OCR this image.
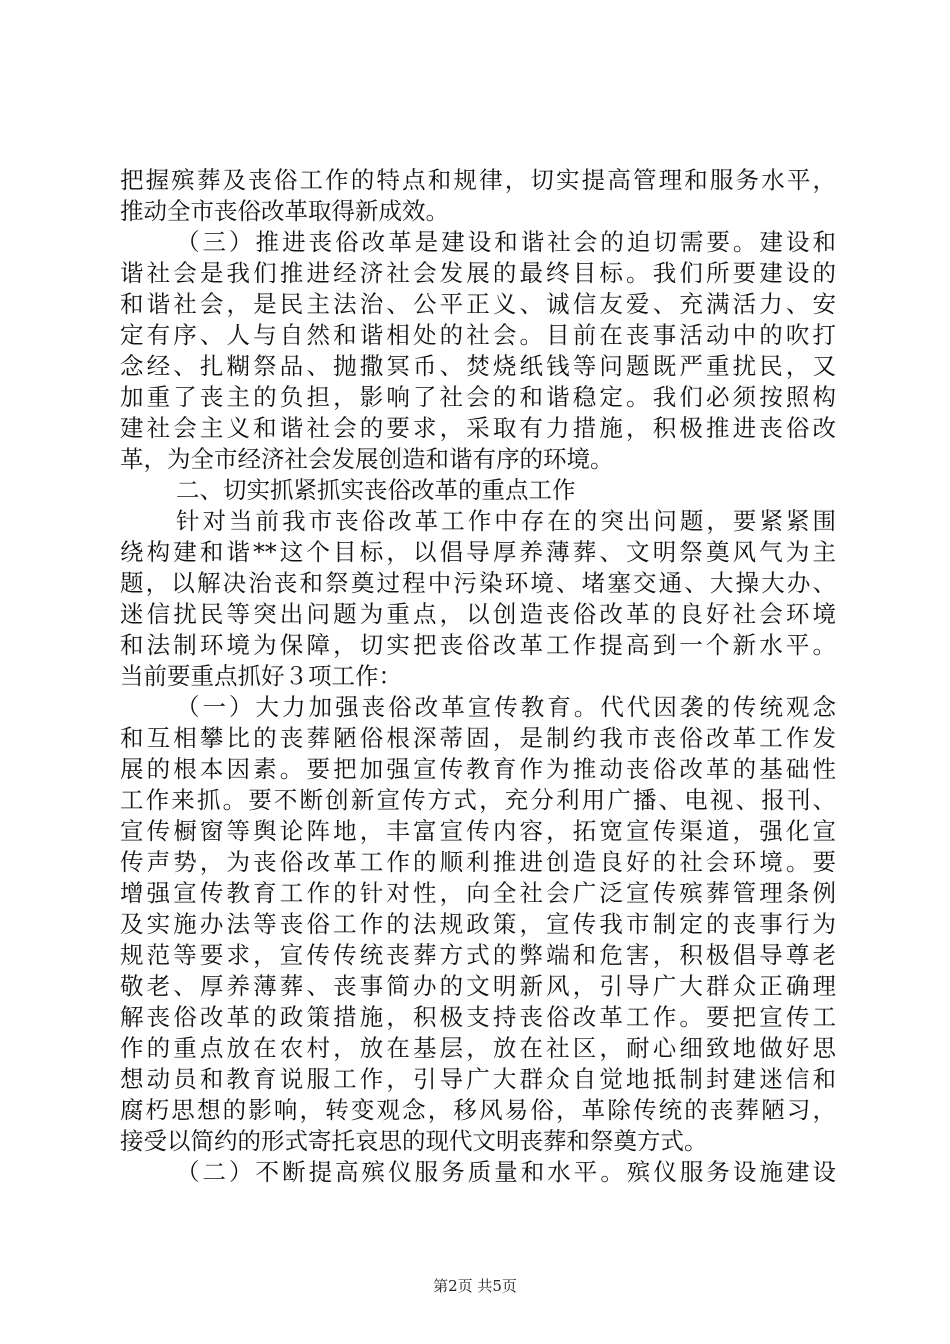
把握殡葬及丧俗工作的特点和规律，切实提高管理和服务水平，
推动全市丧俗改革取得新成效。
（三）推进丧俗改革是建设和谐社会的迫切需要。建设和
谐社会是我们推进经济社会发展的最终目标。我们所要建设的
和谐社会，是民主法治、公平正义、诚信友爱、充满活力、安
定有序、人与自然和谐相处的社会。目前在丧事活动中的吹打
念经、扎糊祭品、抛撒冥币、焚烧纸钱等问题既严重扰民，又
加重了丧主的负担，影响了社会的和谐稳定。我们必须按照构
建社会主义和谐社会的要求，采取有力措施，积极推进丧俗改
革，为全市经济社会发展创造和谐有序的环境。
二、切实抓紧抓实丧俗改革的重点工作
针对当前我市丧俗改革工作中存在的突出问题，要紧紧围
绕构建和谐**这个目标，以倡导厚养薄葬、文明祭奠风气为主
题，以解决治丧和祭奠过程中污染环境、堵塞交通、大操大办、
迷信扰民等突出问题为重点，以创造丧俗改革的良好社会环境
和法制环境为保障，切实把丧俗改革工作提高到一个新水平。
当前要重点抓好３项工作：
（一）大力加强丧俗改革宣传教育。代代因袭的传统观念
和互相攀比的丧葬陋俗根深蒂固，是制约我市丧俗改革工作发
展的根本因素。要把加强宣传教育作为推动丧俗改革的基础性
工作来抓。要不断创新宣传方式，充分利用广播、电视、报刊、
宣传橱窗等舆论阵地，丰富宣传内容，拓宽宣传渠道，强化宣
传声势，为丧俗改革工作的顺利推进创造良好的社会环境。要
增强宣传教育工作的针对性，向全社会广泛宣传殡葬管理条例
及实施办法等丧俗工作的法规政策，宣传我市制定的丧事行为
规范等要求，宣传传统丧葬方式的弊端和危害，积极倡导尊老
敬老、厚养薄葬、丧事简办的文明新风，引导广大群众正确理
解丧俗改革的政策措施，积极支持丧俗改革工作。要把宣传工
作的重点放在农村，放在基层，放在社区，耐心细致地做好思
想动员和教育说服工作，引导广大群众自觉地抵制封建迷信和
腐朽思想的影响，转变观念，移风易俗，革除传统的丧葬陋习，
接受以简约的形式寄托哀思的现代文明丧葬和祭奠方式。
（二）不断提高殡仪服务质量和水平。殡仪服务设施建设
第2页 共5页
